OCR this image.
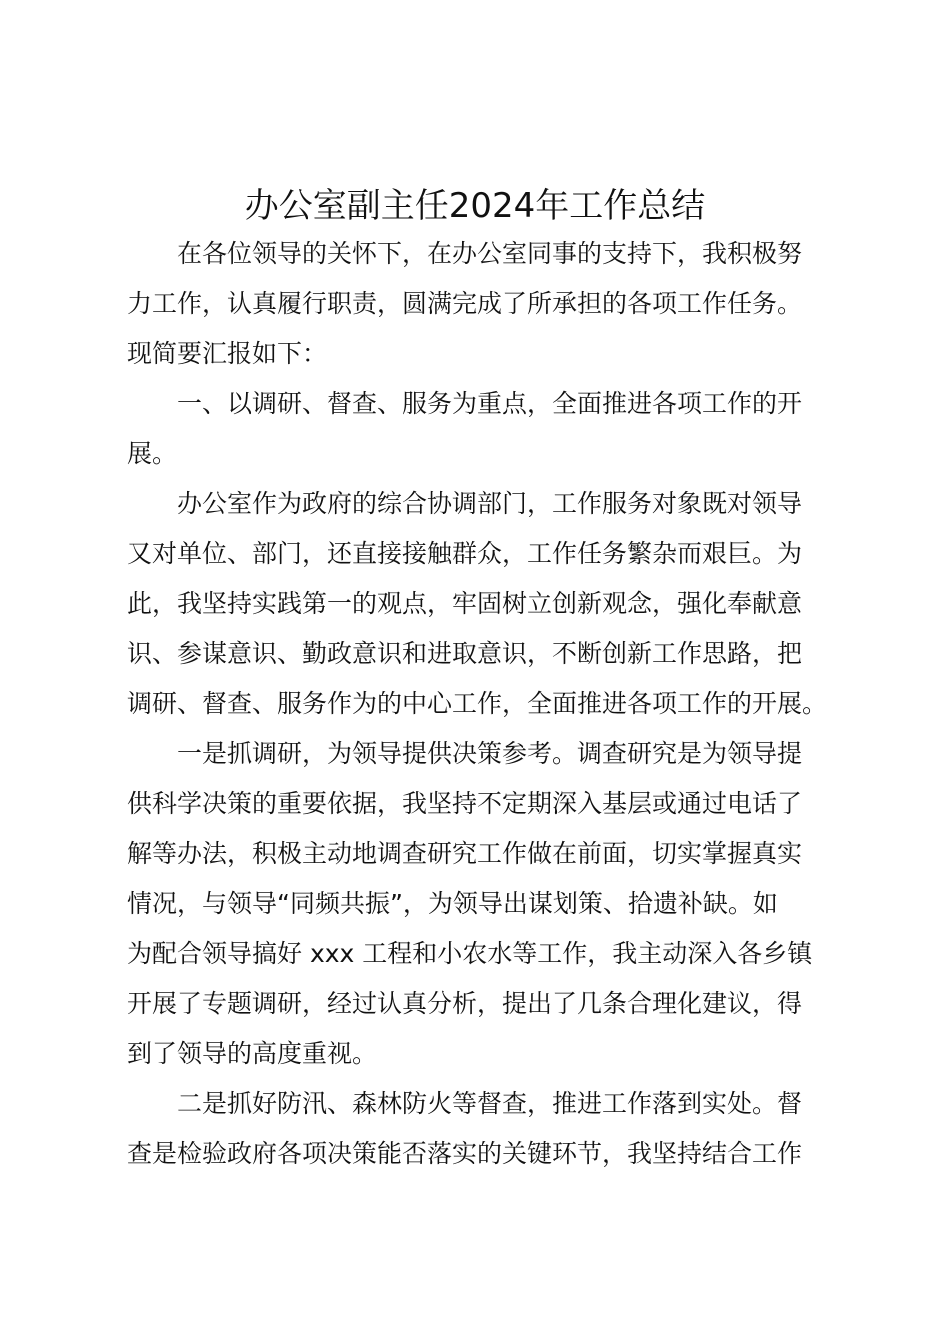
办公室副主任2024年工作总结
在各位领导的关怀下，在办公室同事的支持下，我积极努
力工作，认真履行职责，圆满完成了所承担的各项工作任务。
现简要汇报如下：
一、以调研、督查、服务为重点，全面推进各项工作的开
展。
办公室作为政府的综合协调部门，工作服务对象既对领导
又对单位、部门，还直接接触群众，工作任务繁杂而艰巨。为
此，我坚持实践第一的观点，牢固树立创新观念，强化奉献意
识、参谋意识、勤政意识和进取意识，不断创新工作思路，把
调研、督查、服务作为的中心工作，全面推进各项工作的开展。
一是抓调研，为领导提供决策参考。调查研究是为领导提
供科学决策的重要依据，我坚持不定期深入基层或通过电话了
解等办法，积极主动地调查研究工作做在前面，切实掌握真实
情况，与领导“同频共振”，为领导出谋划策、拾遗补缺。如
为配合领导搞好 xxx 工程和小农水等工作，我主动深入各乡镇
开展了专题调研，经过认真分析，提出了几条合理化建议，得
到了领导的高度重视。
二是抓好防汛、森林防火等督查，推进工作落到实处。督
查是检验政府各项决策能否落实的关键环节，我坚持结合工作
